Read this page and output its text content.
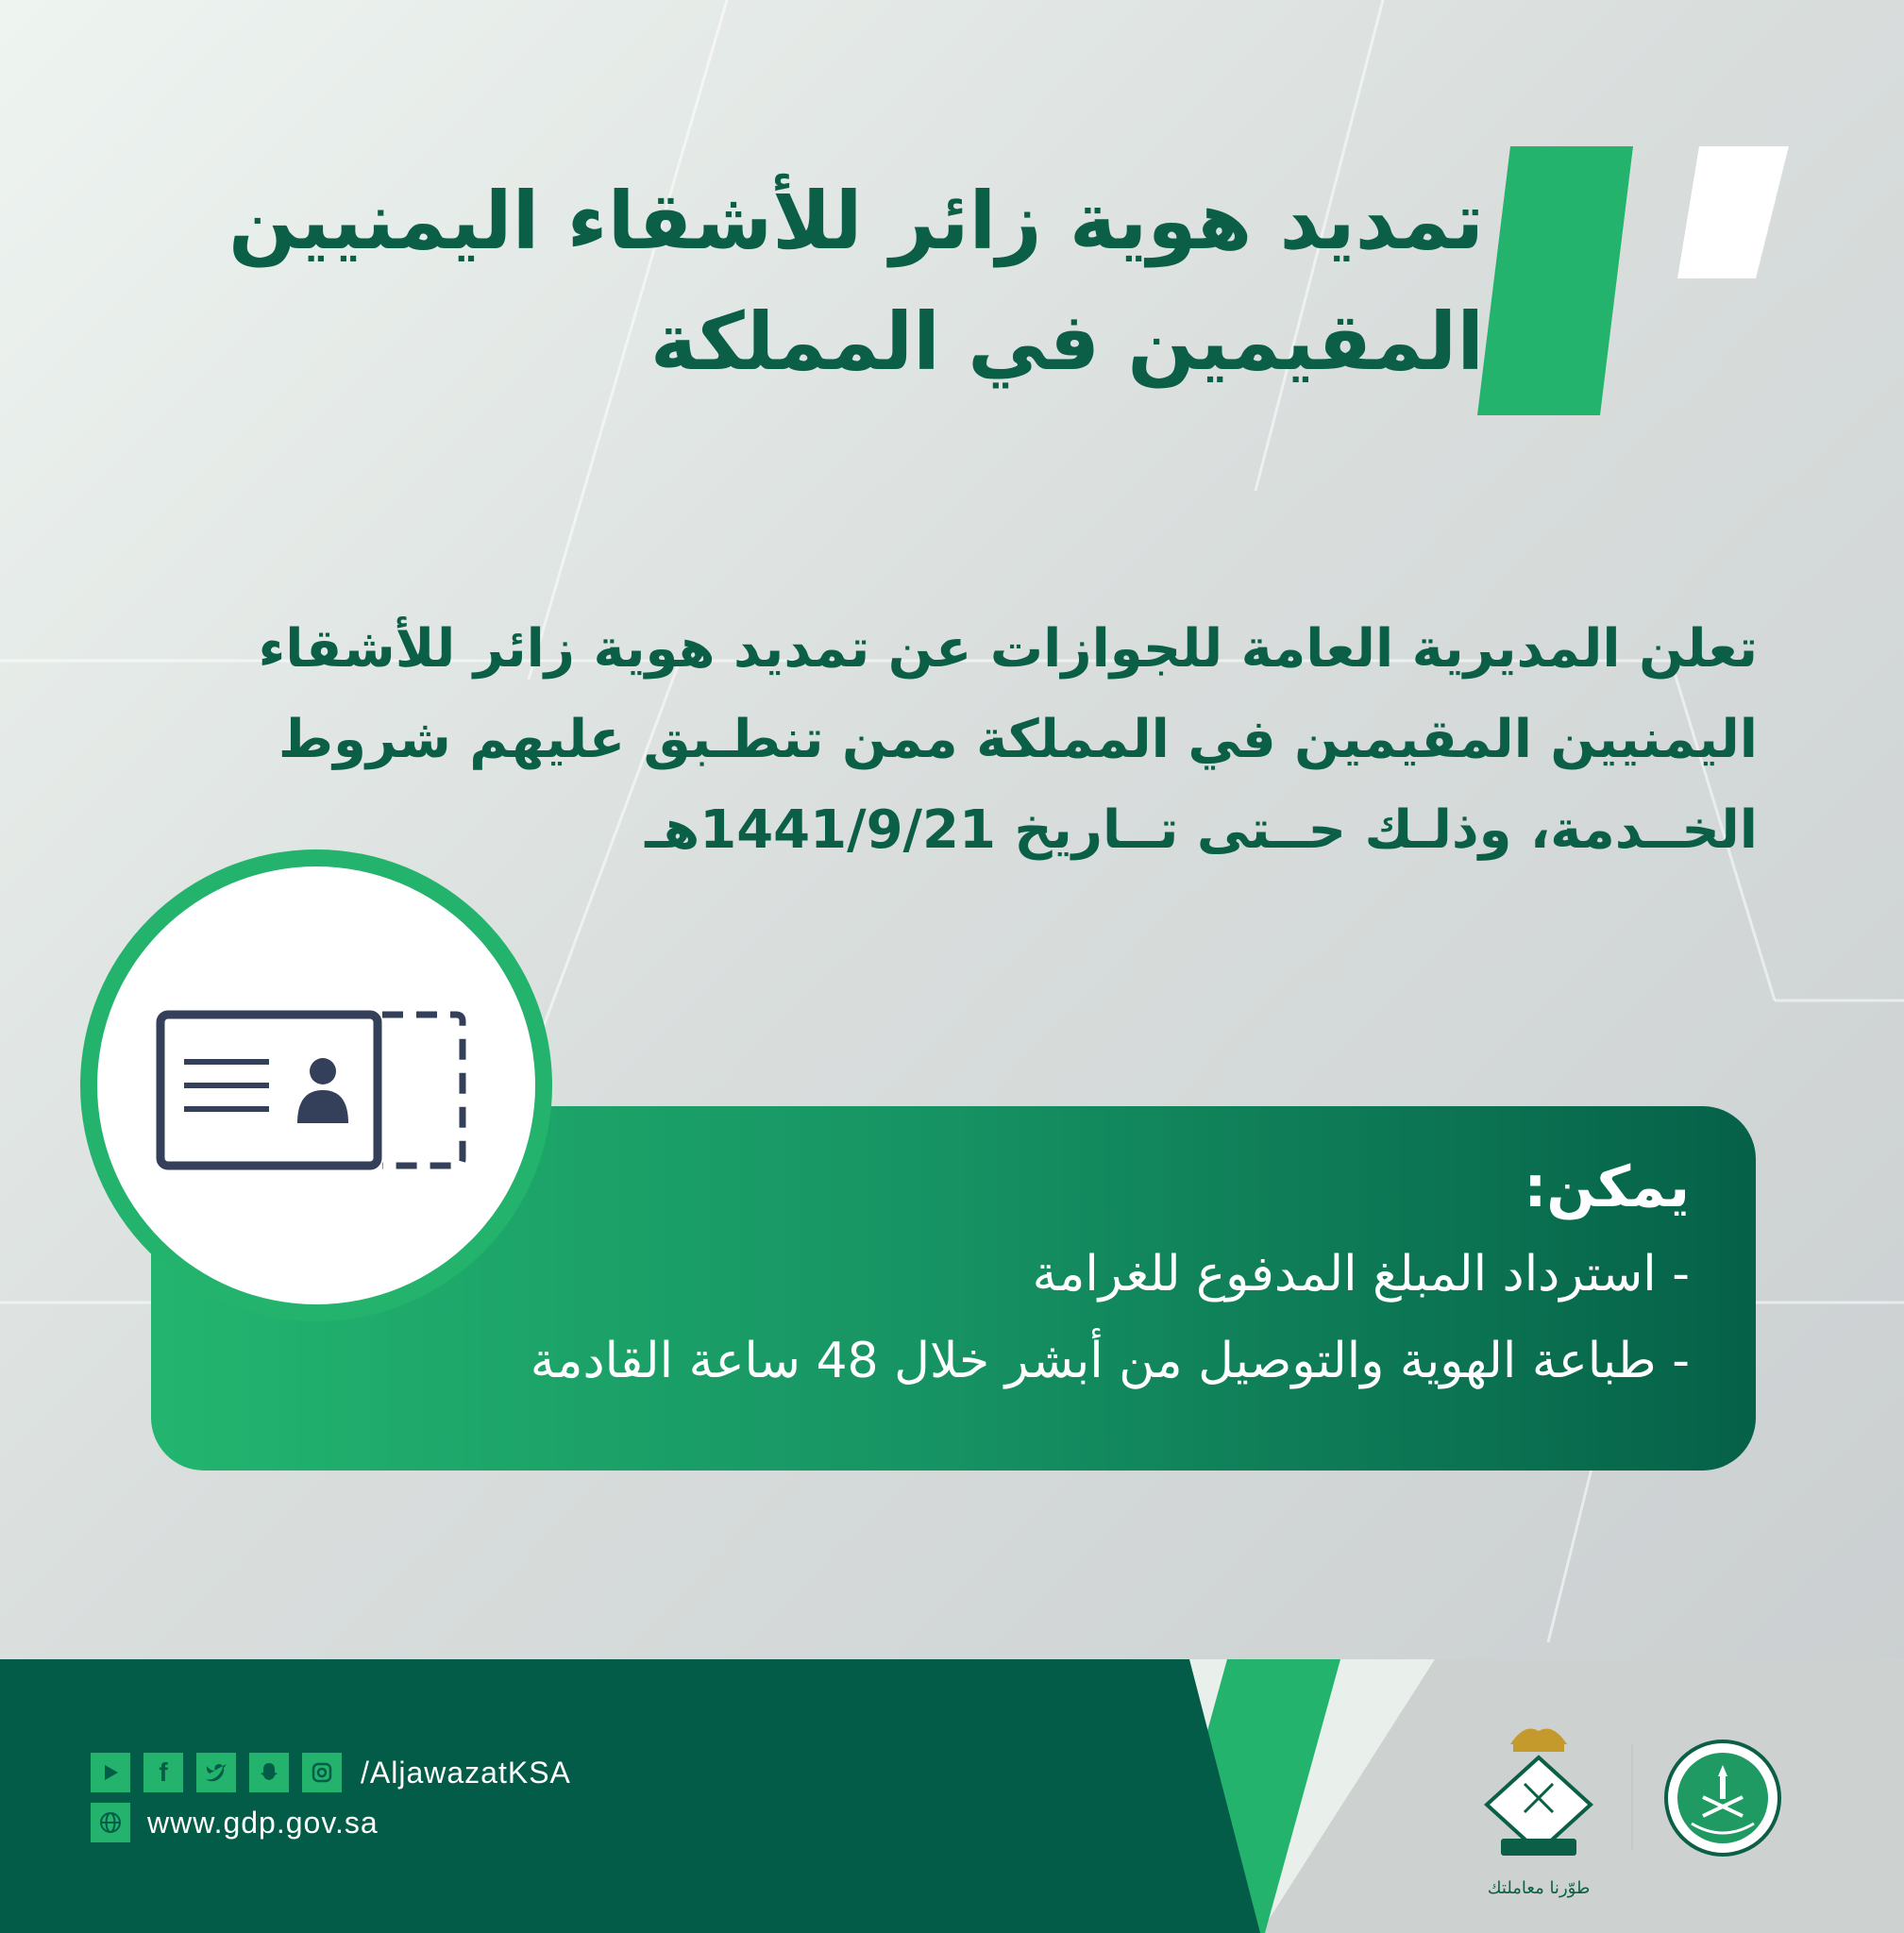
تمديد هوية زائر للأشقاء اليمنيين
المقيمين في المملكة

تعلن المديرية العامة للجوازات عن تمديد هوية زائر للأشقاء
اليمنيين المقيمين في المملكة ممن تنطـبق عليهم شروط
الخــدمة، وذلـك حــتى تــاريخ 1441/9/21هـ

يمكن:
- استرداد المبلغ المدفوع للغرامة
- طباعة الهوية والتوصيل من أبشر خلال 48 ساعة القادمة
f	/AljawazatKSA
www.gdp.gov.sa
طوّرنا معاملتك
